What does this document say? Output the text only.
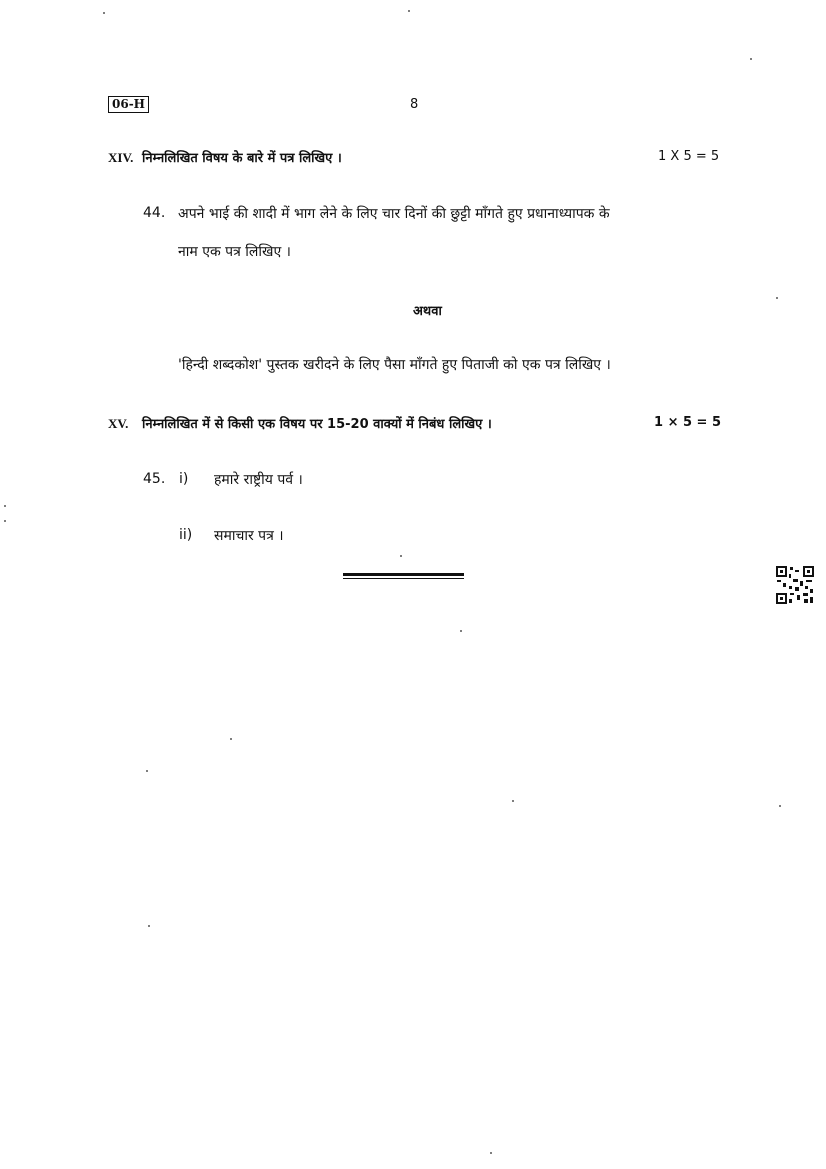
06-H	8
XIV. निम्नलिखित विषय के बारे में पत्र लिखिए ।	1 X 5 = 5
44. अपने भाई की शादी में भाग लेने के लिए चार दिनों की छुट्टी माँगते हुए प्रधानाध्यापक के
नाम एक पत्र लिखिए ।
अथवा
'हिन्दी शब्दकोश' पुस्तक खरीदने के लिए पैसा माँगते हुए पिताजी को एक पत्र लिखिए ।
XV. निम्नलिखित में से किसी एक विषय पर 15-20 वाक्यों में निबंध लिखिए ।	1 × 5 = 5
45. i) हमारे राष्ट्रीय पर्व ।
ii) समाचार पत्र ।
